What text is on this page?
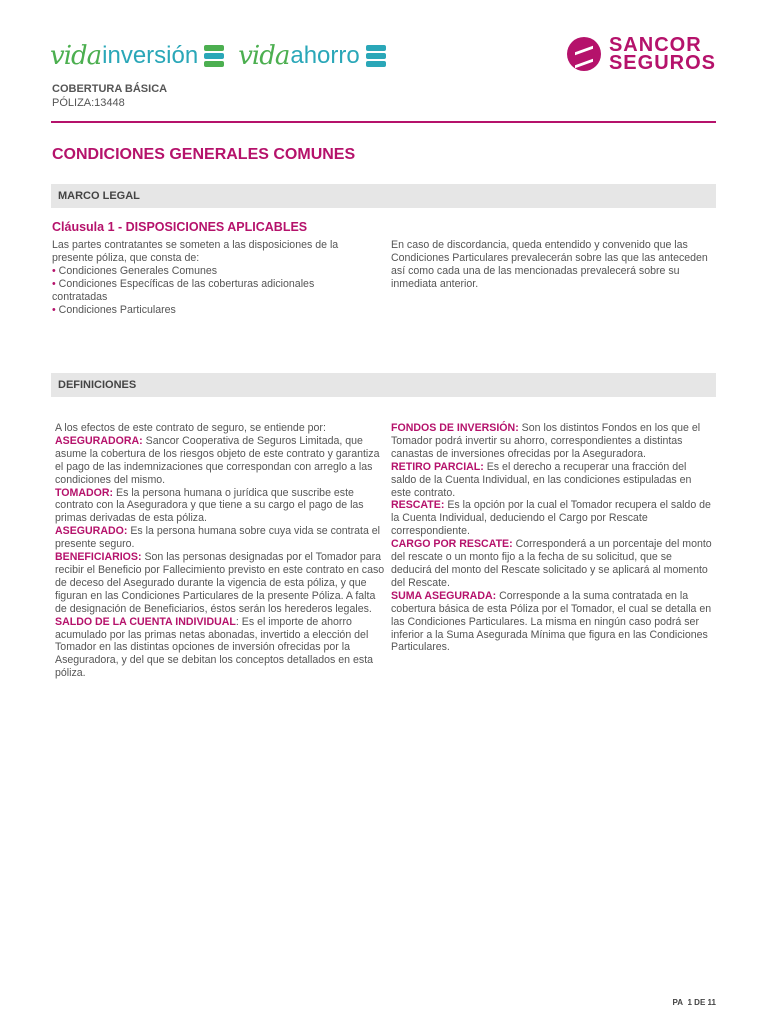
vida inversión vida ahorro	SANCOR
SEGUROS
COBERTURA BÁSICA
PÓLIZA:13448
CONDICIONES GENERALES COMUNES
MARCO LEGAL
Cláusula 1 - DISPOSICIONES APLICABLES

Las partes contratantes se someten a las disposiciones de la presente póliza, que consta de:

• Condiciones Generales Comunes

• Condiciones Específicas de las coberturas adicionales contratadas

• Condiciones Particulares

En caso de discordancia, queda entendido y convenido que las Condiciones Particulares prevalecerán sobre las que las anteceden así como cada una de las mencionadas prevalecerá sobre su inmediata anterior.

DEFINICIONES

A los efectos de este contrato de seguro, se entiende por:

ASEGURADORA: Sancor Cooperativa de Seguros Limitada, que asume la cobertura de los riesgos objeto de este contrato y garantiza el pago de las indemnizaciones que correspondan con arreglo a las condiciones del mismo.

TOMADOR: Es la persona humana o jurídica que suscribe este contrato con la Aseguradora y que tiene a su cargo el pago de las primas derivadas de esta póliza.

ASEGURADO: Es la persona humana sobre cuya vida se contrata el presente seguro.

BENEFICIARIOS: Son las personas designadas por el Tomador para recibir el Beneficio por Fallecimiento previsto en este contrato en caso de deceso del Asegurado durante la vigencia de esta póliza, y que figuran en las Condiciones Particulares de la presente Póliza. A falta de designación de Beneficiarios, éstos serán los herederos legales.

SALDO DE LA CUENTA INDIVIDUAL: Es el importe de ahorro acumulado por las primas netas abonadas, invertido a elección del Tomador en las distintas opciones de inversión ofrecidas por la Aseguradora, y del que se debitan los conceptos detallados en esta póliza.

FONDOS DE INVERSIÓN: Son los distintos Fondos en los que el Tomador podrá invertir su ahorro, correspondientes a distintas canastas de inversiones ofrecidas por la Aseguradora.

RETIRO PARCIAL: Es el derecho a recuperar una fracción del saldo de la Cuenta Individual, en las condiciones estipuladas en este contrato.

RESCATE: Es la opción por la cual el Tomador recupera el saldo de
la Cuenta Individual, deduciendo el Cargo por Rescate correspondiente.

CARGO POR RESCATE: Corresponderá a un porcentaje del monto del rescate o un monto fijo a la fecha de su solicitud, que se deducirá del monto del Rescate solicitado y se aplicará al momento del Rescate.

SUMA ASEGURADA: Corresponde a la suma contratada en la cobertura básica de esta Póliza por el Tomador, el cual se detalla en las Condiciones Particulares. La misma en ningún caso podrá ser inferior a la Suma Asegurada Mínima que figura en las Condiciones Particulares.

PA 1 DE 11
